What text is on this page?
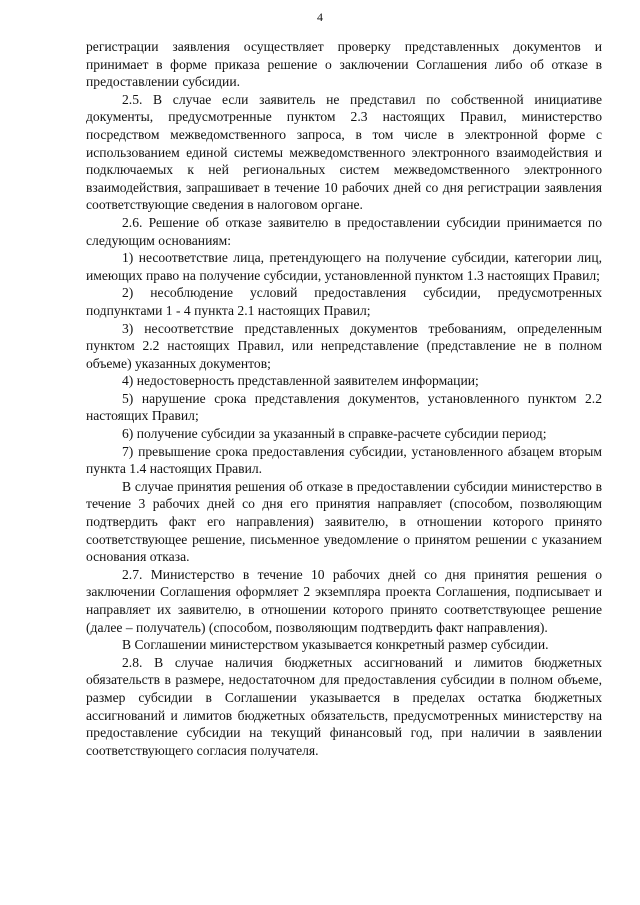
4

регистрации заявления осуществляет проверку представленных документов и принимает в форме приказа решение о заключении Соглашения либо об отказе в предоставлении субсидии.

2.5. В случае если заявитель не представил по собственной инициативе документы, предусмотренные пунктом 2.3 настоящих Правил, министерство посредством межведомственного запроса, в том числе в электронной форме с использованием единой системы межведомственного электронного взаимодействия и подключаемых к ней региональных систем межведомственного электронного взаимодействия, запрашивает в течение 10 рабочих дней со дня регистрации заявления соответствующие сведения в налоговом органе.

2.6. Решение об отказе заявителю в предоставлении субсидии принимается по следующим основаниям:

1) несоответствие лица, претендующего на получение субсидии, категории лиц, имеющих право на получение субсидии, установленной пунктом 1.3 настоящих Правил;

2) несоблюдение условий предоставления субсидии, предусмотренных подпунктами 1 - 4 пункта 2.1 настоящих Правил;

3) несоответствие представленных документов требованиям, определенным пунктом 2.2 настоящих Правил, или непредставление (представление не в полном объеме) указанных документов;

4) недостоверность представленной заявителем информации;

5) нарушение срока представления документов, установленного пунктом 2.2 настоящих Правил;

6) получение субсидии за указанный в справке-расчете субсидии период;

7) превышение срока предоставления субсидии, установленного абзацем вторым пункта 1.4 настоящих Правил.

В случае принятия решения об отказе в предоставлении субсидии министерство в течение 3 рабочих дней со дня его принятия направляет (способом, позволяющим подтвердить факт его направления) заявителю, в отношении которого принято соответствующее решение, письменное уведомление о принятом решении с указанием основания отказа.

2.7. Министерство в течение 10 рабочих дней со дня принятия решения о заключении Соглашения оформляет 2 экземпляра проекта Соглашения, подписывает и направляет их заявителю, в отношении которого принято соответствующее решение (далее – получатель) (способом, позволяющим подтвердить факт направления).

В Соглашении министерством указывается конкретный размер субсидии.

2.8. В случае наличия бюджетных ассигнований и лимитов бюджетных обязательств в размере, недостаточном для предоставления субсидии в полном объеме, размер субсидии в Соглашении указывается в пределах остатка бюджетных ассигнований и лимитов бюджетных обязательств, предусмотренных министерству на предоставление субсидии на текущий финансовый год, при наличии в заявлении соответствующего согласия получателя.
